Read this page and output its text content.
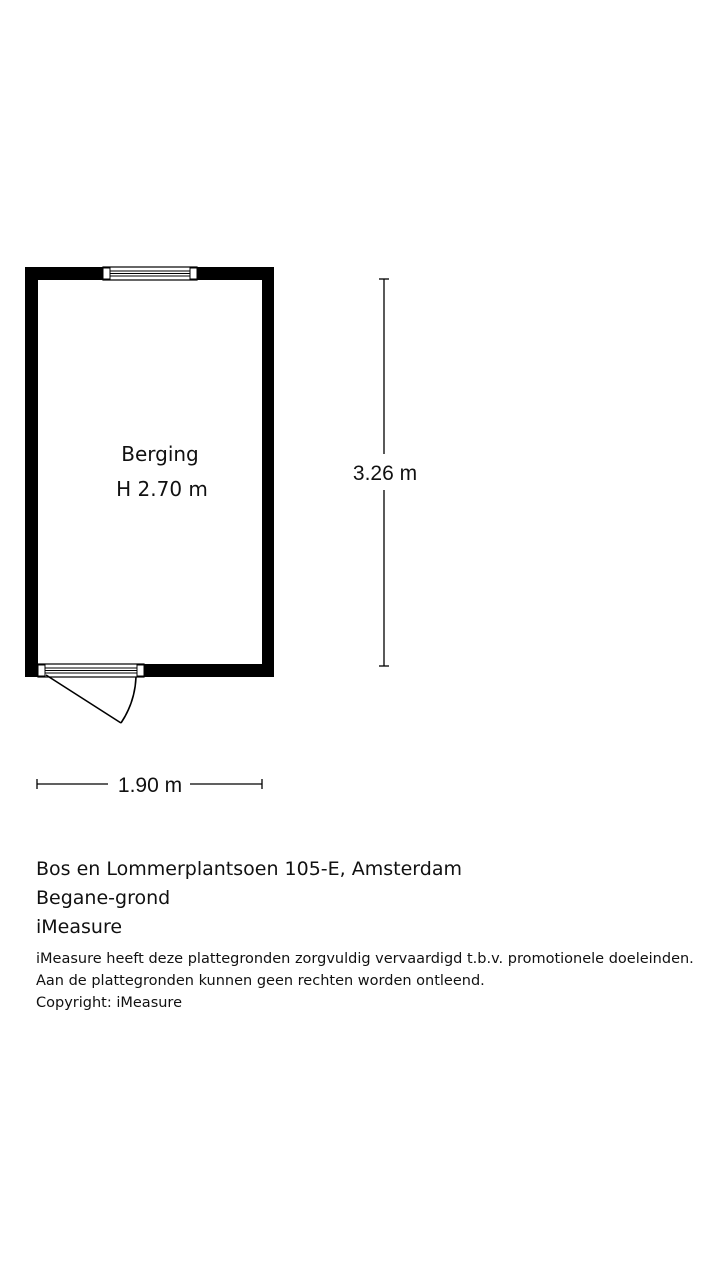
Berging
H 2.70 m
3.26 m
1.90 m
Bos en Lommerplantsoen 105-E, Amsterdam
Begane-grond
iMeasure
iMeasure heeft deze plattegronden zorgvuldig vervaardigd t.b.v. promotionele doeleinden.
Aan de plattegronden kunnen geen rechten worden ontleend.
Copyright: iMeasure
